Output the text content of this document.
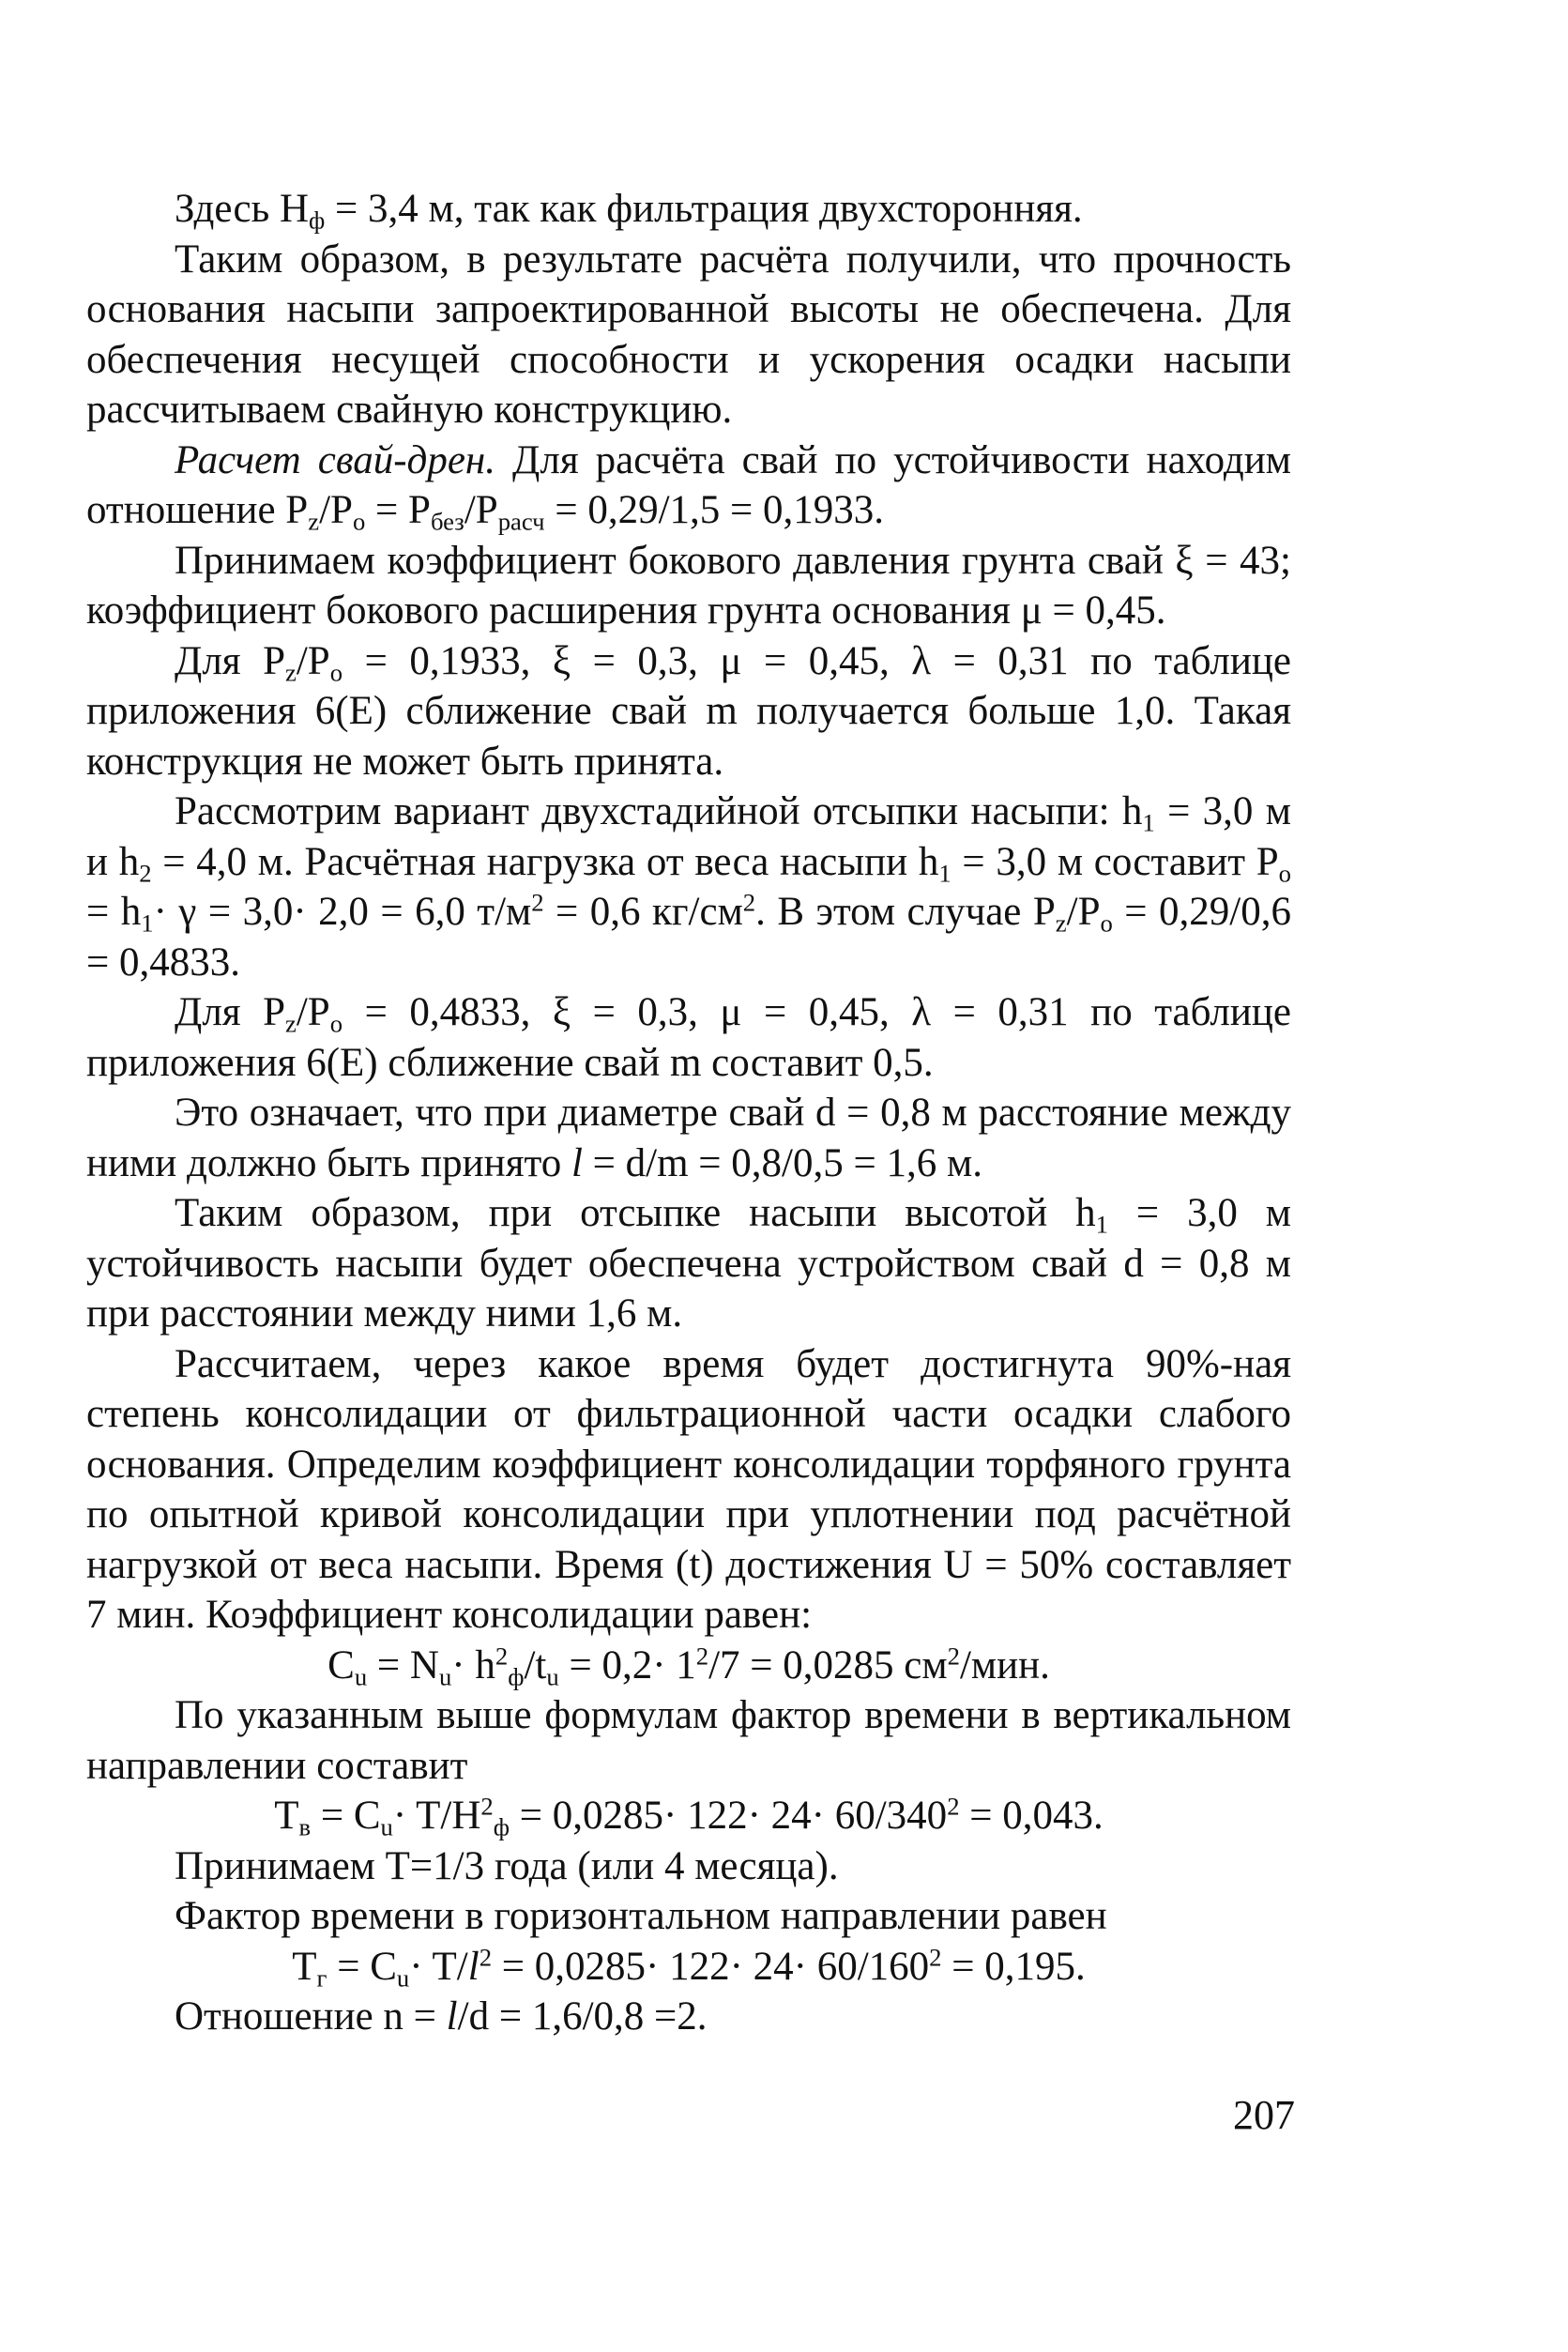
Здесь $Н_ф = 3,4$ м, так как фильтрация двухсторонняя.

Таким образом, в результате расчёта получили, что прочность основания насыпи запроектированной высоты не обеспечена. Для обеспечения несущей способности и ускорения осадки насыпи рассчитываем свайную конструкцию.

Расчет свай-дрен. Для расчёта свай по устойчивости находим отношение $P_z/P_o = P_{без}/P_{расч} = 0,29/1,5 = 0,1933$.

Принимаем коэффициент бокового давления грунта свай ξ = 43; коэффициент бокового расширения грунта основания μ = 0,45.

Для $P_z/P_o = 0,1933$, ξ = 0,3, μ = 0,45, λ = 0,31 по таблице приложения 6(Е) сближение свай m получается больше 1,0. Такая конструкция не может быть принята.

Рассмотрим вариант двухстадийной отсыпки насыпи: $h_1 = 3,0$ м и $h_2 = 4,0$ м. Расчётная нагрузка от веса насыпи $h_1 = 3,0$ м составит $P_o = h_1\cdot \gamma = 3,0\cdot 2,0 = 6,0$ $т/м^2 = 0,6$ $кг/см^2$. В этом случае $P_z/P_o = 0,29/0,6 = 0,4833$.

Для $P_z/P_o = 0,4833$, ξ = 0,3, μ = 0,45, λ = 0,31 по таблице приложения 6(Е) сближение свай m составит 0,5.

Это означает, что при диаметре свай d = 0,8 м расстояние между ними должно быть принято l = d/m = 0,8/0,5 = 1,6 м.

Таким образом, при отсыпке насыпи высотой $h_1 = 3,0$ м устойчивость насыпи будет обеспечена устройством свай d = 0,8 м при расстоянии между ними 1,6 м.

Рассчитаем, через какое время будет достигнута 90%-ная степень консолидации от фильтрационной части осадки слабого основания. Определим коэффициент консолидации торфяного грунта по опытной кривой консолидации при уплотнении под расчётной нагрузкой от веса насыпи. Время (t) достижения U = 50% составляет 7 мин. Коэффициент консолидации равен:

$C_u = N_u\cdot h^2_ф/t_u = 0,2\cdot 1^2/7 = 0,0285$ $см^2$/мин.

По указанным выше формулам фактор времени в вертикальном направлении составит

$T_в = C_u\cdot T/H^2_ф = 0,0285\cdot 122\cdot 24\cdot 60/340^2 = 0,043$.

Принимаем Т=1/3 года (или 4 месяца).

Фактор времени в горизонтальном направлении равен

$T_г = C_u\cdot T/l^2 = 0,0285\cdot 122\cdot 24\cdot 60/160^2 = 0,195$.

Отношение n = l/d = 1,6/0,8 =2.

207
